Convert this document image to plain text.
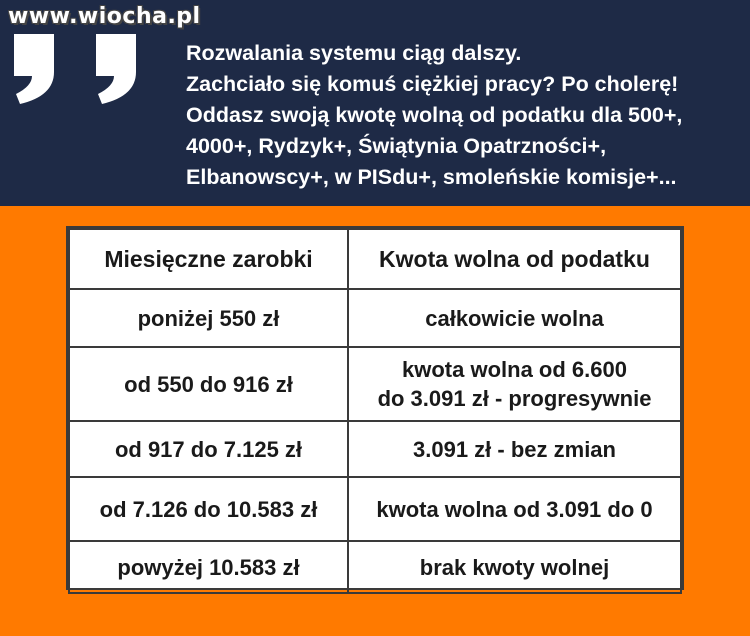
www.wiocha.pl
Rozwalania systemu ciąg dalszy.
Zachciało się komuś ciężkiej pracy? Po cholerę!
Oddasz swoją kwotę wolną od podatku dla 500+,
4000+, Rydzyk+, Świątynia Opatrzności+,
Elbanowscy+, w PISdu+, smoleńskie komisje+...
Miesięczne zarobki	Kwota wolna od podatku
poniżej 550 zł	całkowicie wolna
od 550 do 916 zł	kwota wolna od 6.600
do 3.091 zł - progresywnie

od 917 do 7.125 zł	3.091 zł - bez zmian
od 7.126 do 10.583 zł	kwota wolna od 3.091 do 0
powyżej 10.583 zł	brak kwoty wolnej
